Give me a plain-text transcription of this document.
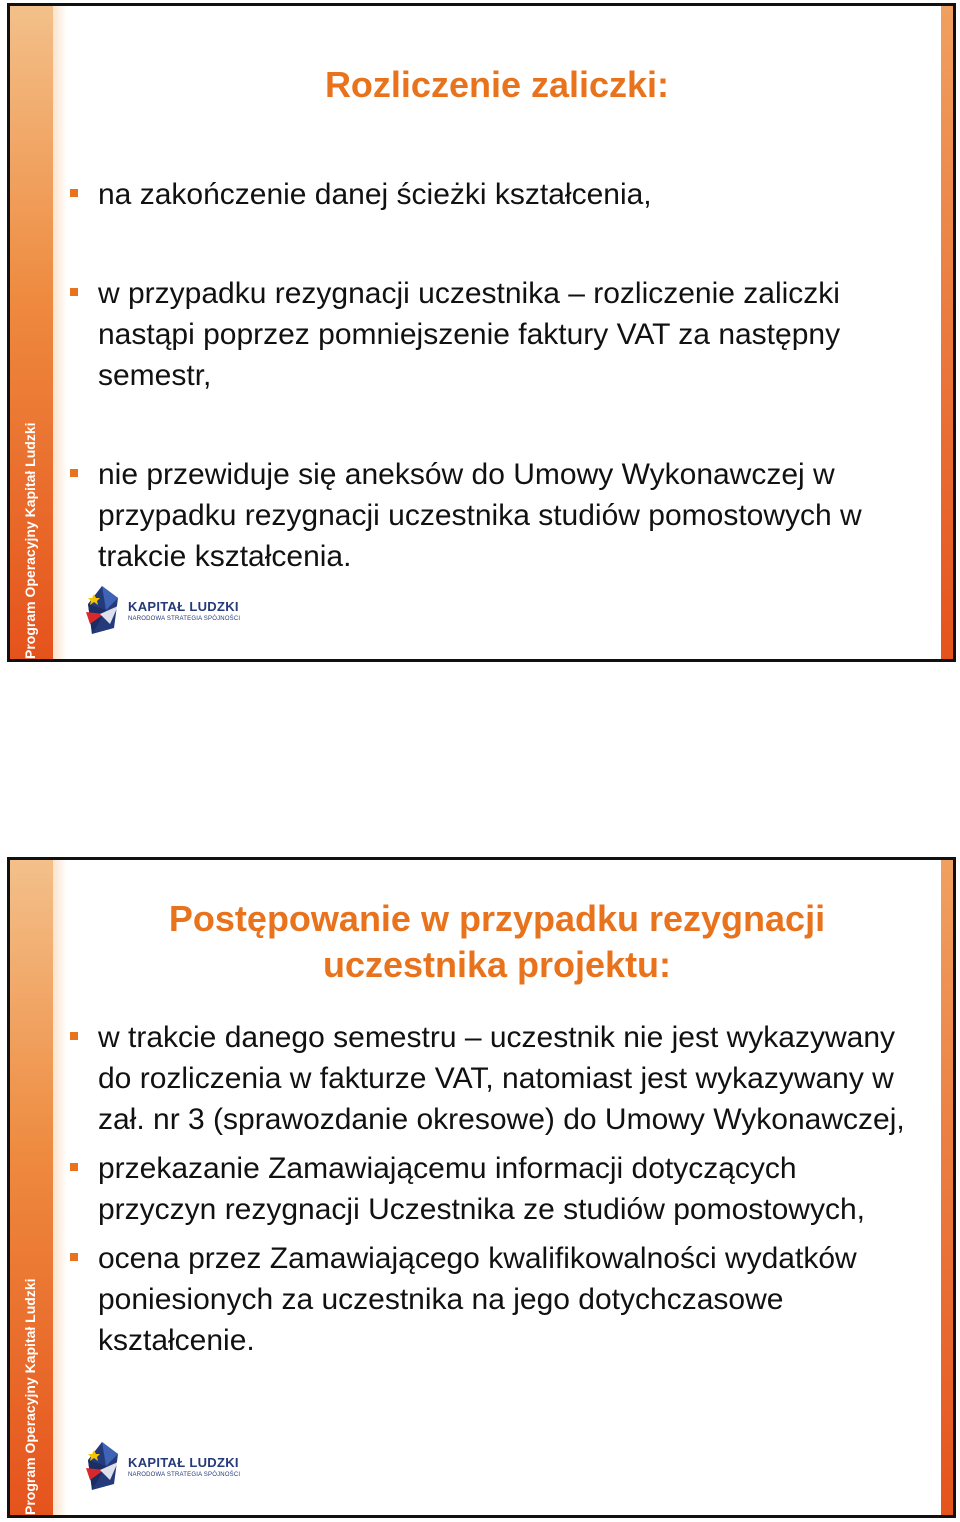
Program Operacyjny Kapitał Ludzki
Rozliczenie zaliczki:
na zakończenie danej ścieżki kształcenia,
w przypadku rezygnacji uczestnika – rozliczenie zaliczki nastąpi poprzez pomniejszenie faktury VAT za następny semestr,
nie przewiduje się aneksów do Umowy Wykonawczej w przypadku rezygnacji uczestnika studiów pomostowych w trakcie kształcenia.
KAPITAŁ LUDZKI
NARODOWA STRATEGIA SPÓJNOŚCI
Program Operacyjny Kapitał Ludzki
Postępowanie w przypadku rezygnacji
uczestnika projektu:
w trakcie danego semestru – uczestnik nie jest wykazywany do rozliczenia w fakturze VAT, natomiast jest wykazywany w zał. nr 3 (sprawozdanie okresowe) do Umowy Wykonawczej,
przekazanie Zamawiającemu informacji dotyczących przyczyn rezygnacji Uczestnika ze studiów pomostowych,
ocena przez Zamawiającego kwalifikowalności wydatków poniesionych za uczestnika na jego dotychczasowe kształcenie.
KAPITAŁ LUDZKI
NARODOWA STRATEGIA SPÓJNOŚCI
